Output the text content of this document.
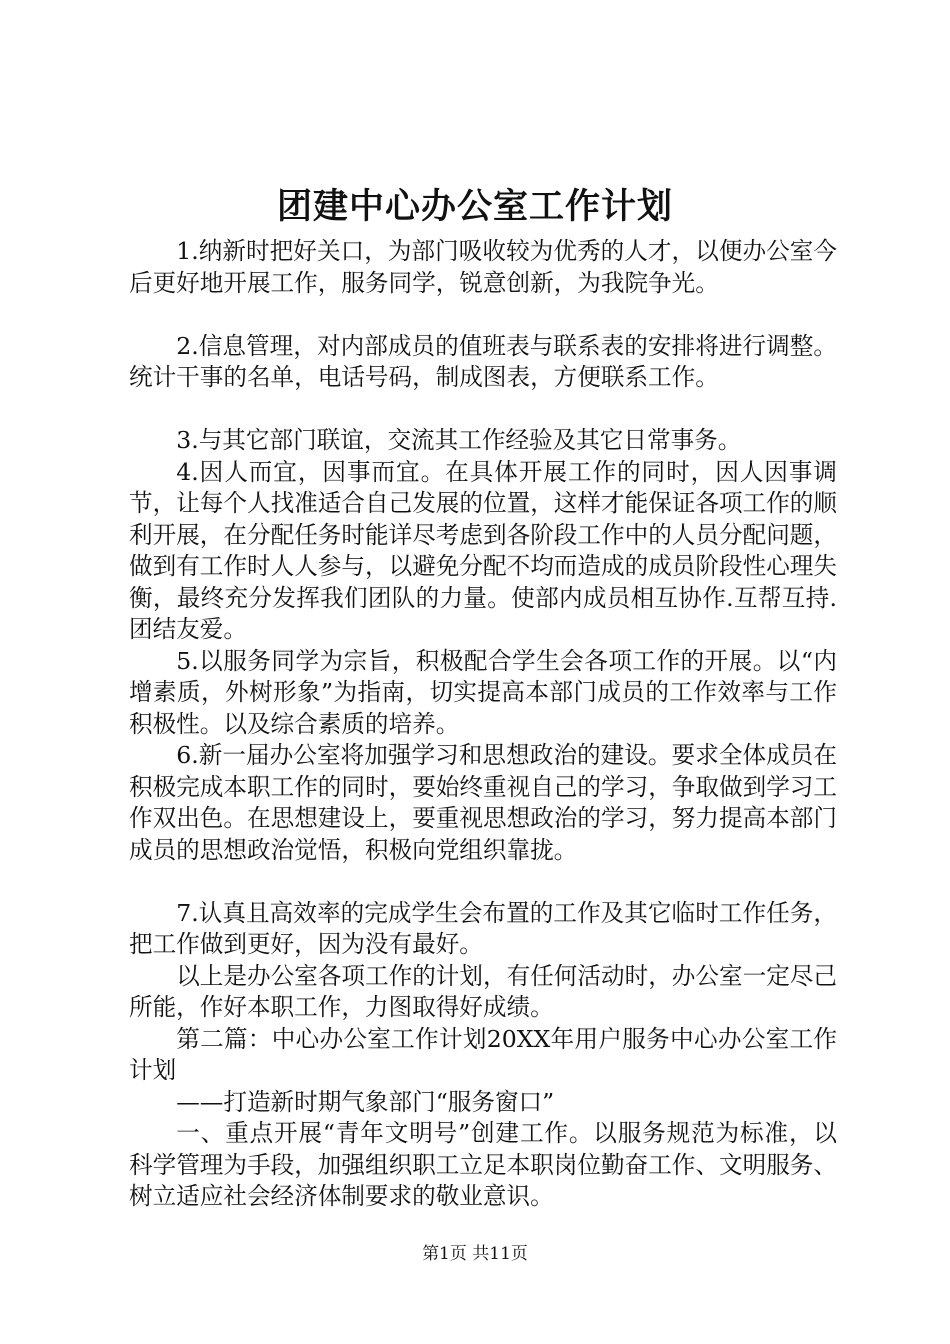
团建中心办公室工作计划

1.纳新时把好关口，为部门吸收较为优秀的人才，以便办公室今后更好地开展工作，服务同学，锐意创新，为我院争光。

2.信息管理，对内部成员的值班表与联系表的安排将进行调整。统计干事的名单，电话号码，制成图表，方便联系工作。

3.与其它部门联谊，交流其工作经验及其它日常事务。

4.因人而宜，因事而宜。在具体开展工作的同时，因人因事调节，让每个人找准适合自己发展的位置，这样才能保证各项工作的顺利开展，在分配任务时能详尽考虑到各阶段工作中的人员分配问题，做到有工作时人人参与，以避免分配不均而造成的成员阶段性心理失衡，最终充分发挥我们团队的力量。使部内成员相互协作.互帮互持.团结友爱。

5.以服务同学为宗旨，积极配合学生会各项工作的开展。以“内增素质，外树形象”为指南，切实提高本部门成员的工作效率与工作积极性。以及综合素质的培养。

6.新一届办公室将加强学习和思想政治的建设。要求全体成员在积极完成本职工作的同时，要始终重视自己的学习，争取做到学习工作双出色。在思想建设上，要重视思想政治的学习，努力提高本部门成员的思想政治觉悟，积极向党组织靠拢。

7.认真且高效率的完成学生会布置的工作及其它临时工作任务，把工作做到更好，因为没有最好。

以上是办公室各项工作的计划，有任何活动时，办公室一定尽己所能，作好本职工作，力图取得好成绩。

第二篇：中心办公室工作计划20XX年用户服务中心办公室工作计划

——打造新时期气象部门“服务窗口”

一、重点开展“青年文明号”创建工作。以服务规范为标准，以科学管理为手段，加强组织职工立足本职岗位勤奋工作、文明服务、树立适应社会经济体制要求的敬业意识。

第1页 共11页
